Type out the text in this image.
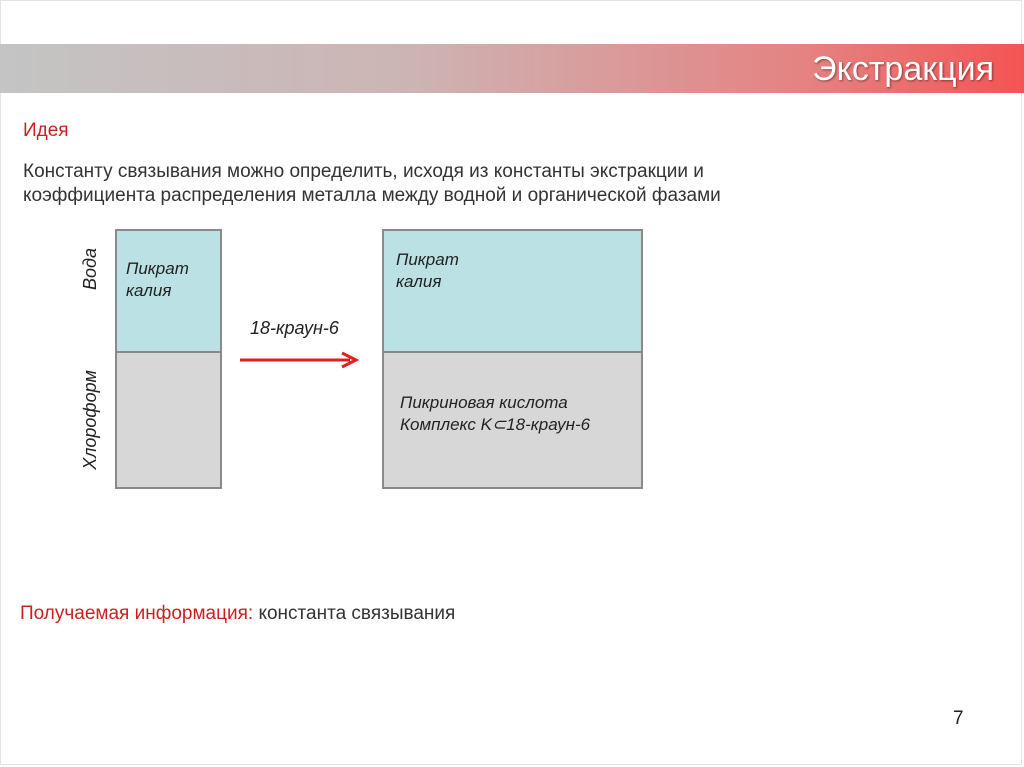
Экстракция
Идея
Константу связывания можно определить, исходя из константы экстракции и
коэффициента распределения металла между водной и органической фазами
Вода
Хлороформ
Пикрат
калия
18-краун-6
Пикрат
калия
Пикриновая кислота
Комплекс K⊂18-краун-6
Получаемая информация: константа связывания
7
